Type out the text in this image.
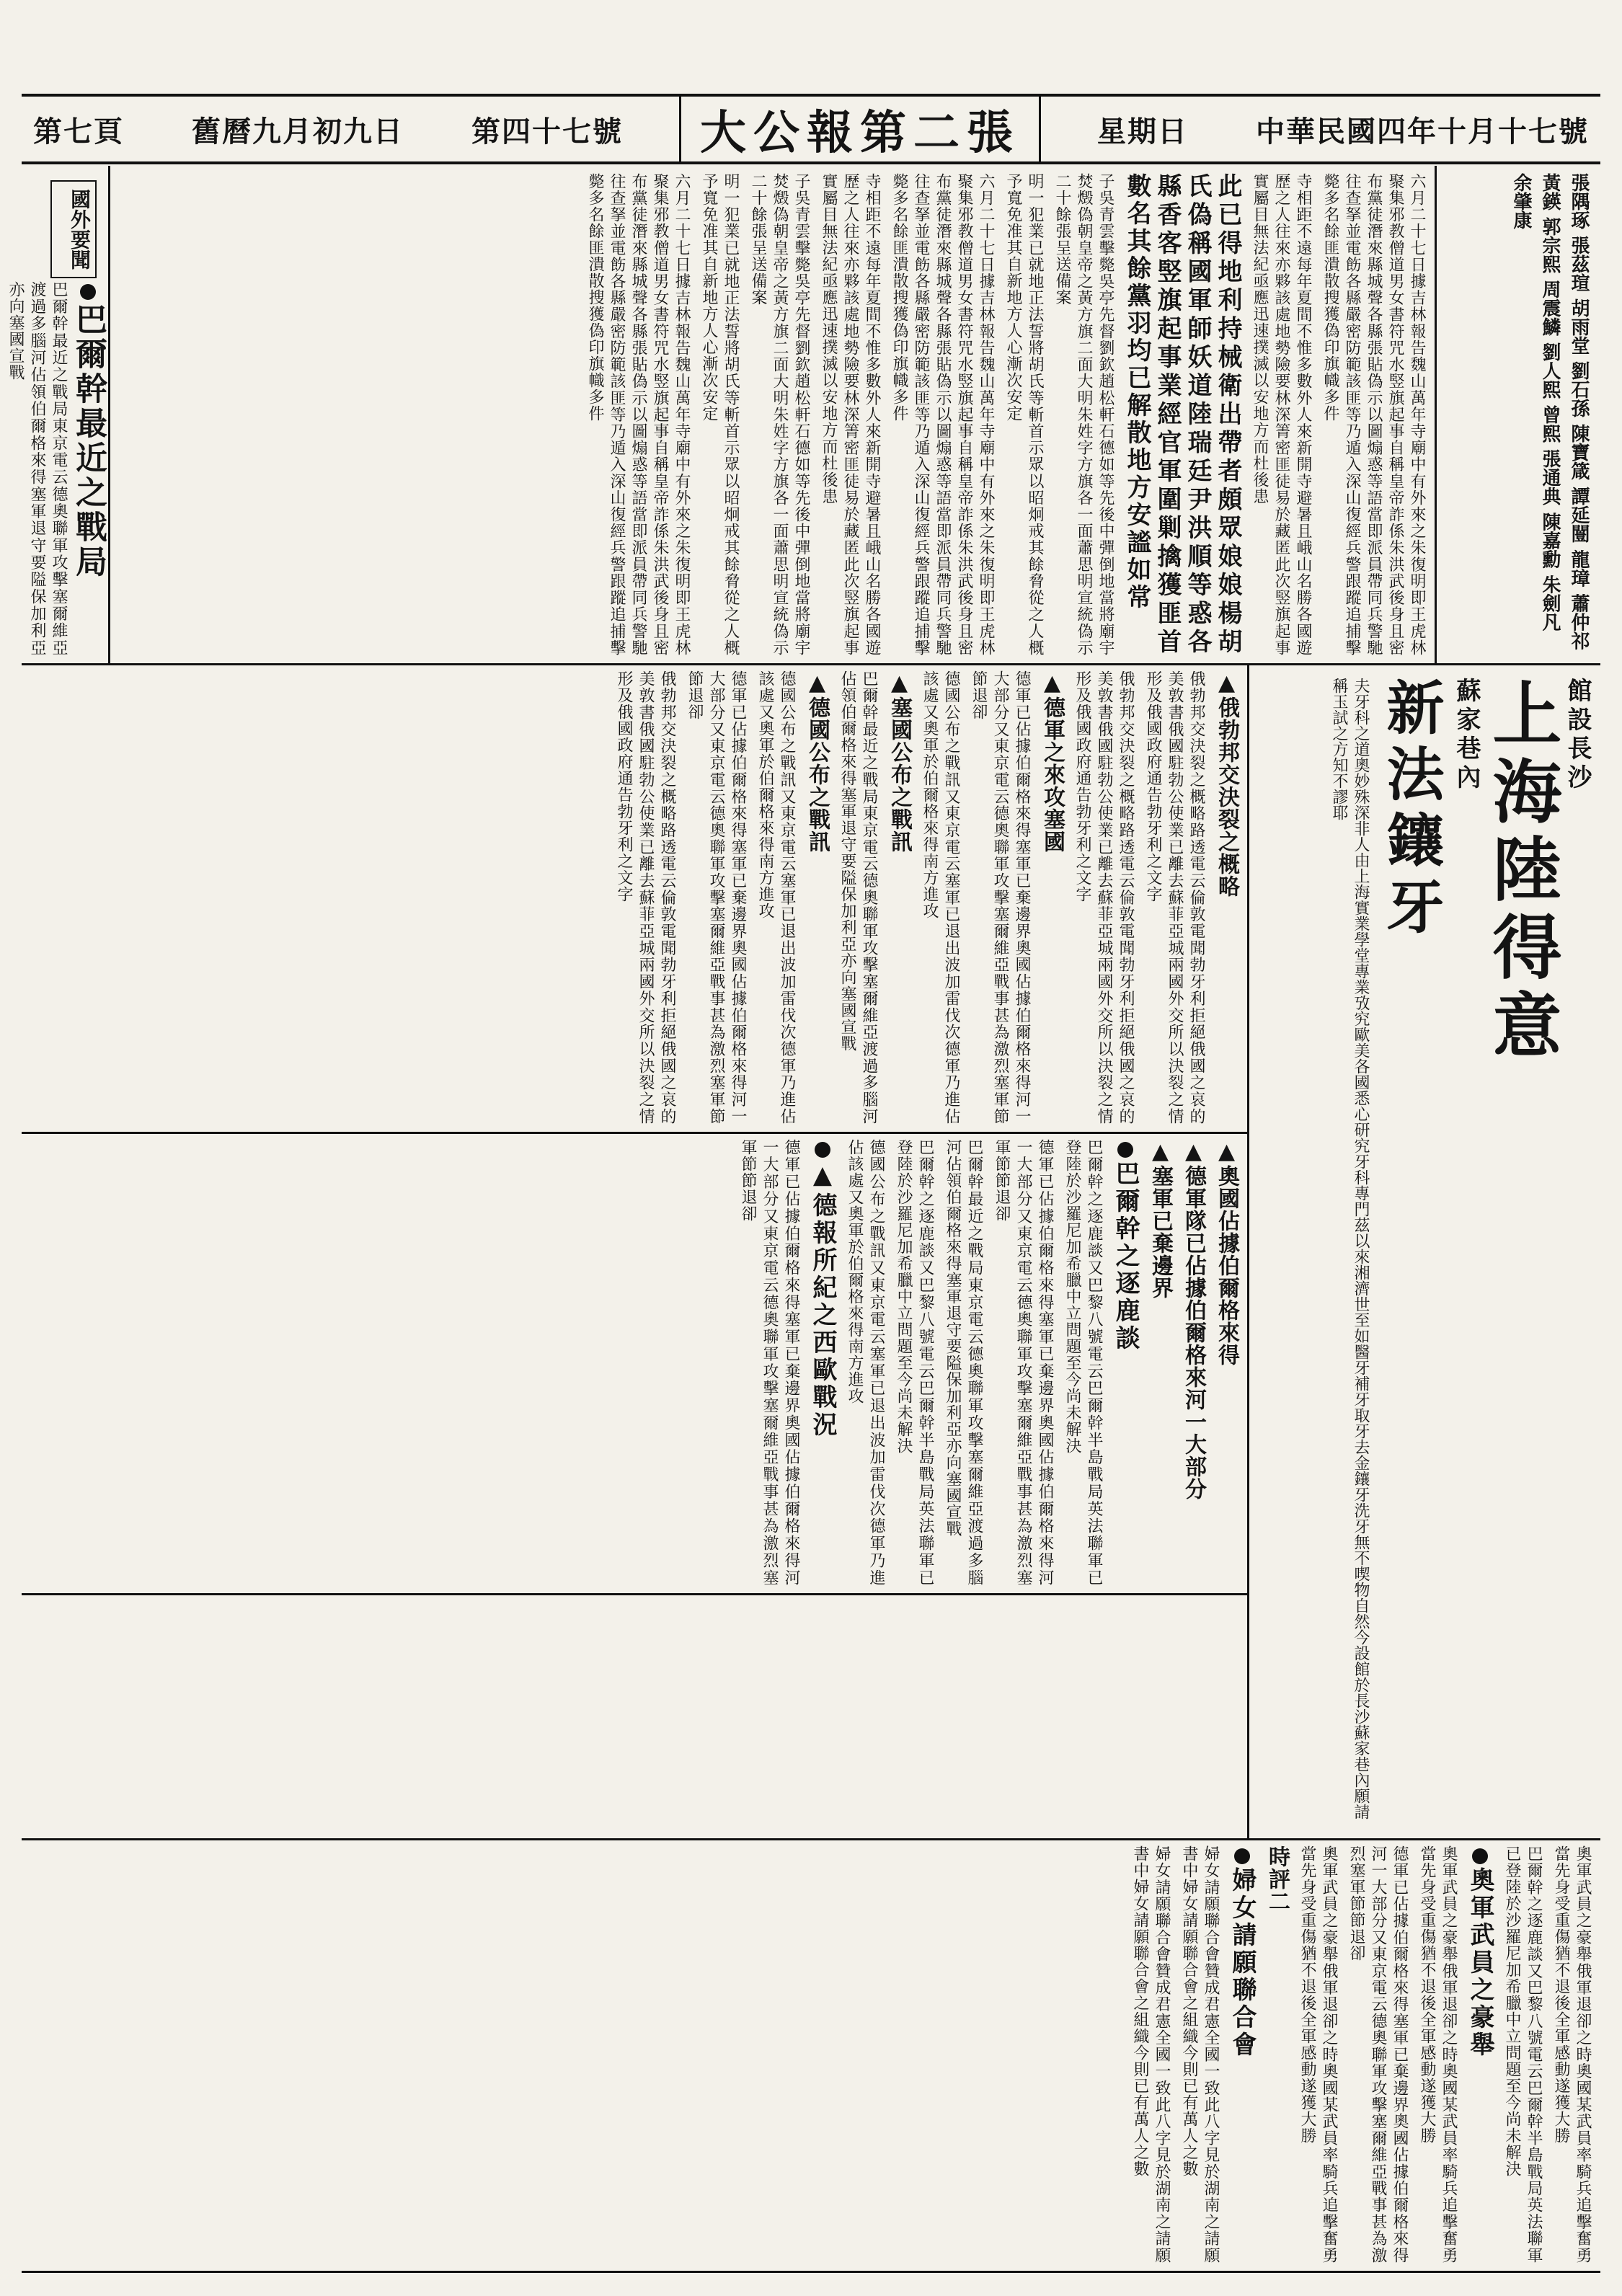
第七頁	舊曆九月初九日	第四十七號	大公報第二張	星期日	中華民國四年十月十七號
張隅琢 張茲瑄 胡雨堂 劉石孫 陳寶箴 譚延闓 龍璋 蕭仲祁 黃鍈 郭宗熙 周震鱗 劉人熙 曾熙 張通典 陳嘉勳 朱劍凡 余肇康

六月二十七日據吉林報告魏山萬年寺廟中有外來之朱復明即王虎林聚集邪教僧道男女書符咒水竪旗起事自稱皇帝詐係朱洪武後身且密布黨徒潛來縣城聲各縣張貼偽示以圖煽惑等語當即派員帶同兵警馳往查拏並電飭各縣嚴密防範該匪等乃遁入深山復經兵警跟蹤追捕擊斃多名餘匪潰散搜獲偽印旗幟多件

寺相距不遠每年夏間不惟多數外人來新開寺避暑且峨山名勝各國遊歷之人往來亦夥該處地勢險要林深箐密匪徒易於藏匿此次竪旗起事實屬目無法紀亟應迅速撲滅以安地方而杜後患

此已得地利持械衛出帶者頗眾娘娘楊胡氏偽稱國軍師妖道陸瑞廷尹洪順等惑各縣香客竪旗起事業經官軍圍剿擒獲匪首數名其餘黨羽均已解散地方安謐如常

子吳青雲擊斃吳亭先督劉欽趙松軒石德如等先後中彈倒地當將廟宇焚燬偽朝皇帝之黃方旗二面大明朱姓字方旗各一面蕭思明宣統偽示二十餘張呈送備案

明一犯業已就地正法誓將胡氏等斬首示眾以昭炯戒其餘脅從之人概予寬免准其自新地方人心漸次安定

六月二十七日據吉林報告魏山萬年寺廟中有外來之朱復明即王虎林聚集邪教僧道男女書符咒水竪旗起事自稱皇帝詐係朱洪武後身且密布黨徒潛來縣城聲各縣張貼偽示以圖煽惑等語當即派員帶同兵警馳往查拏並電飭各縣嚴密防範該匪等乃遁入深山復經兵警跟蹤追捕擊斃多名餘匪潰散搜獲偽印旗幟多件

寺相距不遠每年夏間不惟多數外人來新開寺避暑且峨山名勝各國遊歷之人往來亦夥該處地勢險要林深箐密匪徒易於藏匿此次竪旗起事實屬目無法紀亟應迅速撲滅以安地方而杜後患

子吳青雲擊斃吳亭先督劉欽趙松軒石德如等先後中彈倒地當將廟宇焚燬偽朝皇帝之黃方旗二面大明朱姓字方旗各一面蕭思明宣統偽示二十餘張呈送備案

明一犯業已就地正法誓將胡氏等斬首示眾以昭炯戒其餘脅從之人概予寬免准其自新地方人心漸次安定

六月二十七日據吉林報告魏山萬年寺廟中有外來之朱復明即王虎林聚集邪教僧道男女書符咒水竪旗起事自稱皇帝詐係朱洪武後身且密布黨徒潛來縣城聲各縣張貼偽示以圖煽惑等語當即派員帶同兵警馳往查拏並電飭各縣嚴密防範該匪等乃遁入深山復經兵警跟蹤追捕擊斃多名餘匪潰散搜獲偽印旗幟多件

國外要聞
巴爾幹最近之戰局

巴爾幹最近之戰局東京電云德奧聯軍攻擊塞爾維亞渡過多腦河佔領伯爾格來得塞軍退守要隘保加利亞亦向塞國宣戰

▲俄勃邦交決裂之概略

俄勃邦交決裂之概略路透電云倫敦電聞勃牙利拒絕俄國之哀的美敦書俄國駐勃公使業已離去蘇菲亞城兩國外交所以決裂之情形及俄國政府通告勃牙利之文字

俄勃邦交決裂之概略路透電云倫敦電聞勃牙利拒絕俄國之哀的美敦書俄國駐勃公使業已離去蘇菲亞城兩國外交所以決裂之情形及俄國政府通告勃牙利之文字

▲德軍之來攻塞國

德軍已佔據伯爾格來得塞軍已棄邊界奧國佔據伯爾格來得河一大部分又東京電云德奧聯軍攻擊塞爾維亞戰事甚為激烈塞軍節節退卻

德國公布之戰訊又東京電云塞軍已退出波加雷伐次德軍乃進佔該處又奧軍於伯爾格來得南方進攻

▲塞國公布之戰訊

巴爾幹最近之戰局東京電云德奧聯軍攻擊塞爾維亞渡過多腦河佔領伯爾格來得塞軍退守要隘保加利亞亦向塞國宣戰

▲德國公布之戰訊

德國公布之戰訊又東京電云塞軍已退出波加雷伐次德軍乃進佔該處又奧軍於伯爾格來得南方進攻

德軍已佔據伯爾格來得塞軍已棄邊界奧國佔據伯爾格來得河一大部分又東京電云德奧聯軍攻擊塞爾維亞戰事甚為激烈塞軍節節退卻

俄勃邦交決裂之概略路透電云倫敦電聞勃牙利拒絕俄國之哀的美敦書俄國駐勃公使業已離去蘇菲亞城兩國外交所以決裂之情形及俄國政府通告勃牙利之文字

▲奧國佔據伯爾格來得

▲德軍隊已佔據伯爾格來河一大部分

▲塞軍已棄邊界

巴爾幹之逐鹿談

巴爾幹之逐鹿談又巴黎八號電云巴爾幹半島戰局英法聯軍已登陸於沙羅尼加希臘中立問題至今尚未解決

德軍已佔據伯爾格來得塞軍已棄邊界奧國佔據伯爾格來得河一大部分又東京電云德奧聯軍攻擊塞爾維亞戰事甚為激烈塞軍節節退卻

巴爾幹最近之戰局東京電云德奧聯軍攻擊塞爾維亞渡過多腦河佔領伯爾格來得塞軍退守要隘保加利亞亦向塞國宣戰

巴爾幹之逐鹿談又巴黎八號電云巴爾幹半島戰局英法聯軍已登陸於沙羅尼加希臘中立問題至今尚未解決

德國公布之戰訊又東京電云塞軍已退出波加雷伐次德軍乃進佔該處又奧軍於伯爾格來得南方進攻

▲德報所紀之西歐戰況

德軍已佔據伯爾格來得塞軍已棄邊界奧國佔據伯爾格來得河一大部分又東京電云德奧聯軍攻擊塞爾維亞戰事甚為激烈塞軍節節退卻

館設長沙
上海陸得意
蘇家巷內
新法鑲牙
夫牙科之道奧妙殊深非人由上海實業學堂專業攷究歐美各國悉心研究牙科專門茲以來湘濟世至如醫牙補牙取牙去金鑲牙洗牙無不喫物自然今設館於長沙蘇家巷內願請稱玉試之方知不謬耶

奧軍武員之豪舉俄軍退卻之時奧國某武員率騎兵追擊奮勇當先身受重傷猶不退後全軍感動遂獲大勝

巴爾幹之逐鹿談又巴黎八號電云巴爾幹半島戰局英法聯軍已登陸於沙羅尼加希臘中立問題至今尚未解決

奧軍武員之豪舉

奧軍武員之豪舉俄軍退卻之時奧國某武員率騎兵追擊奮勇當先身受重傷猶不退後全軍感動遂獲大勝

德軍已佔據伯爾格來得塞軍已棄邊界奧國佔據伯爾格來得河一大部分又東京電云德奧聯軍攻擊塞爾維亞戰事甚為激烈塞軍節節退卻

奧軍武員之豪舉俄軍退卻之時奧國某武員率騎兵追擊奮勇當先身受重傷猶不退後全軍感動遂獲大勝

時評二

婦女請願聯合會

婦女請願聯合會贊成君憲全國一致此八字見於湖南之請願書中婦女請願聯合會之組織今則已有萬人之數

婦女請願聯合會贊成君憲全國一致此八字見於湖南之請願書中婦女請願聯合會之組織今則已有萬人之數
